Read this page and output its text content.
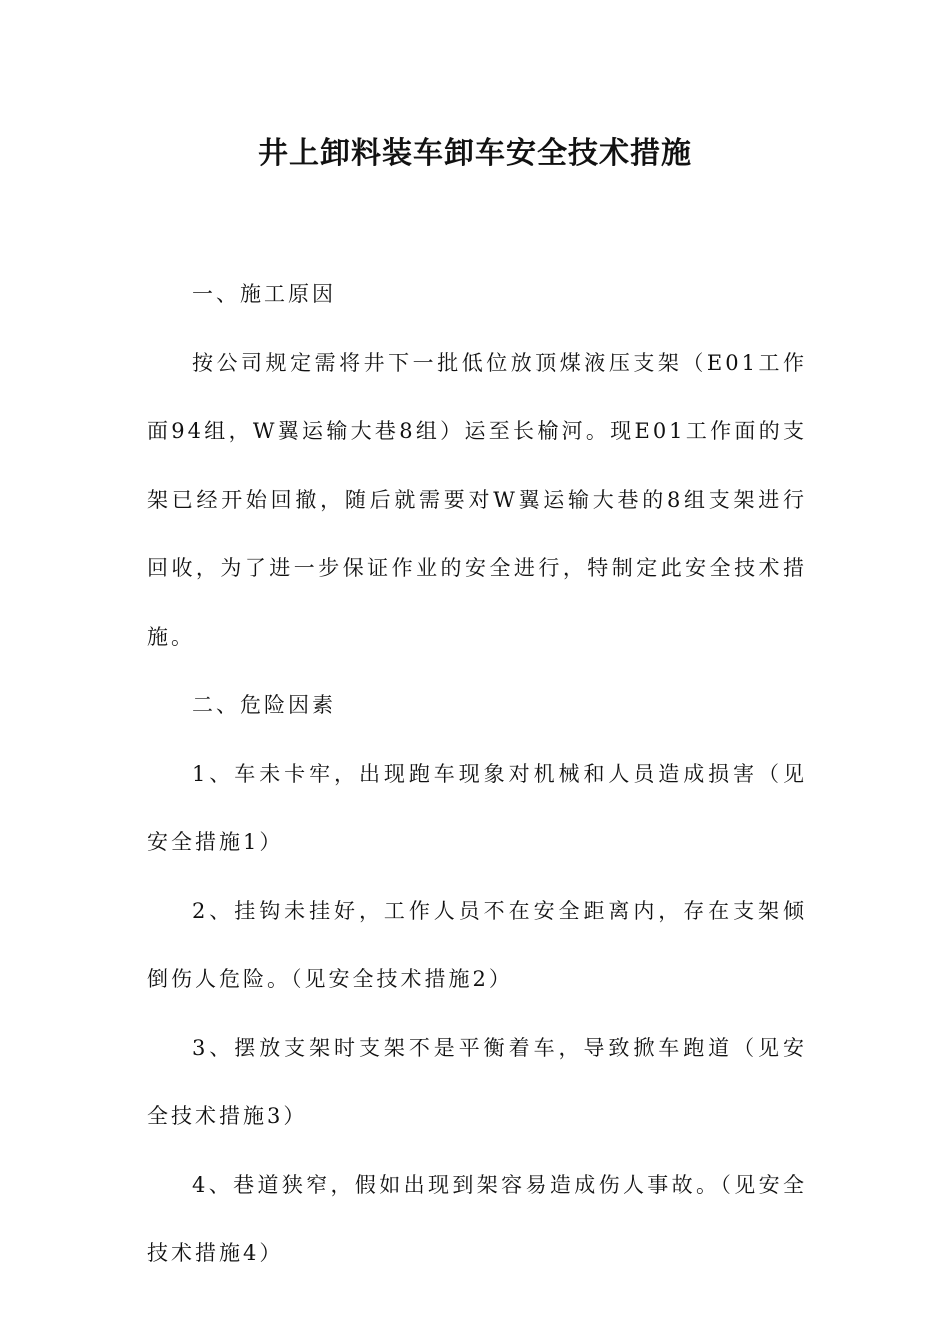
井上卸料装车卸车安全技术措施

一、施工原因

按公司规定需将井下一批低位放顶煤液压支架（E01工作面94组，W翼运输大巷8组）运至长榆河。现E01工作面的支架已经开始回撤，随后就需要对W翼运输大巷的8组支架进行回收，为了进一步保证作业的安全进行，特制定此安全技术措施。

二、危险因素

1、车未卡牢，出现跑车现象对机械和人员造成损害（见安全措施1）

2、挂钩未挂好，工作人员不在安全距离内，存在支架倾倒伤人危险。（见安全技术措施2）

3、摆放支架时支架不是平衡着车，导致掀车跑道（见安全技术措施3）

4、巷道狭窄，假如出现到架容易造成伤人事故。（见安全技术措施4）
